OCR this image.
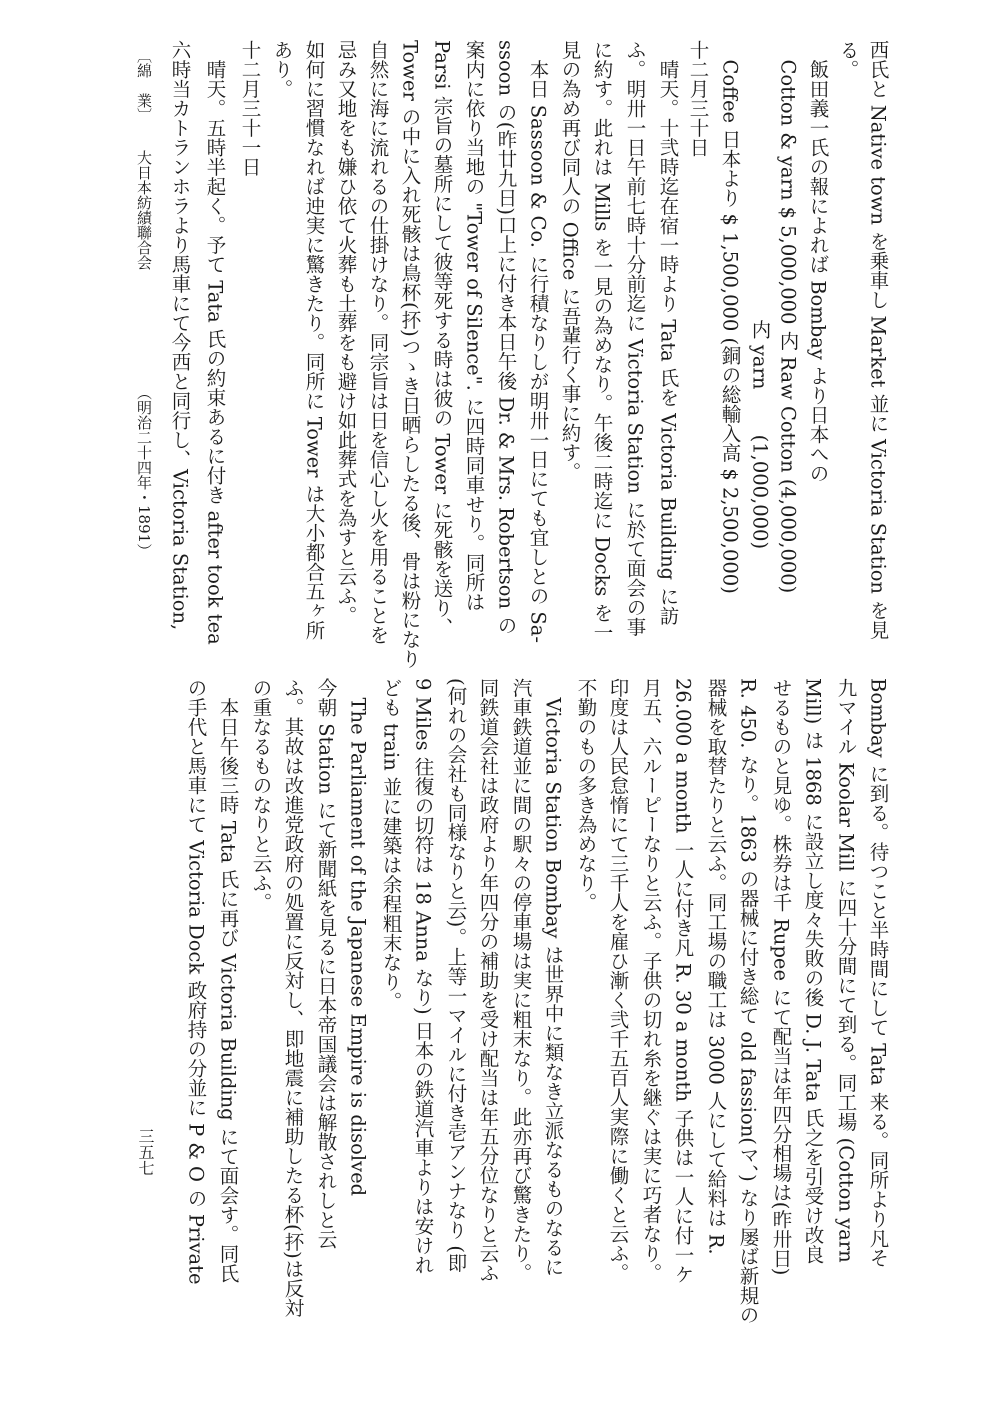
西氏と Native town を乗車し Market 並に Victoria Station を見
る。
　飯田義一氏の報によれば Bombay より日本への
　Cotton & yarn $ 5,000,000 内 Raw Cotton (4,000,000)
　　　　　　　　　　　　　　 内 yarn　　 (1,000,000)
　Coffee 日本より $ 1,500,000 (銅の総輸入高 $ 2,500,000)
十二月三十日
　晴天。十弐時迄在宿一時より Tata 氏を Victoria Building に訪
ふ。明卅一日午前七時十分前迄に Victoria Station に於て面会の事
に約す。此れは Mills を一見の為めなり。午後二時迄に Docks を一
見の為め再び同人の Office に吾輩行く事に約す。
　本日 Sassoon & Co. に行積なりしが明卅一日にても宜しとの Sa-
ssoon の(昨廿九日)口上に付き本日午後 Dr. & Mrs. Robertson の
案内に依り当地の "Tower of Silence". に四時同車せり。同所は
Parsi 宗旨の墓所にして彼等死する時は彼の Tower に死骸を送り、
Tower の中に入れ死骸は鳥杯(抔)つゝき日晒らしたる後、骨は粉になり
自然に海に流れるの仕掛けなり。同宗旨は日を信心し火を用ることを
忌み又地をも嫌ひ依て火葬も土葬をも避け如此葬式を為すと云ふ。
如何に習慣なれば迚実に驚きたり。同所に Tower は大小都合五ヶ所
あり。
十二月三十一日
　晴天。五時半起く。予て Tata 氏の約束あるに付き after took tea
六時当カトランホラより馬車にて今西と同行し、Victoria Station,
Bombay に到る。待つこと半時間にして Tata 来る。同所より凡そ
九マイル Koolar Mill に四十分間にて到る。同工場 (Cotton yarn
Mill) は 1868 に設立し度々失敗の後 D. J. Tata 氏之を引受け改良
せるものと見ゆ。株券は千 Rupee にて配当は年四分相場は(昨卅日)
R. 450. なり。1863 の器械に付き総て old fassion(マ、) なり屡ば新規の
器械を取替たりと云ふ。同工場の職工は 3000 人にして給料は R.
26.000 a month 一人に付き凡 R. 30 a month 子供は一人に付一ケ
月五、六ルーピーなりと云ふ。子供の切れ糸を継ぐは実に巧者なり。
印度は人民怠惰にて三千人を雇ひ漸く弐千五百人実際に働くと云ふ。
不勤のもの多き為めなり。
　Victoria Station Bombay は世界中に類なき立派なるものなるに
汽車鉄道並に間の駅々の停車場は実に粗末なり。此亦再び驚きたり。
同鉄道会社は政府より年四分の補助を受け配当は年五分位なりと云ふ
(何れの会社も同様なりと云)。上等一マイルに付き壱アンナなり (即
9 Miles 往復の切符は 18 Anna なり) 日本の鉄道汽車よりは安けれ
ども train 並に建築は余程粗末なり。
　The Parliament of the Japanese Empire is disolved
今朝 Station にて新聞紙を見るに日本帝国議会は解散されしと云
ふ。其故は改進党政府の処置に反対し、即地震に補助したる杯(抔)は反対
の重なるものなりと云ふ。
　本日午後三時 Tata 氏に再び Victoria Building にて面会す。同氏
の手代と馬車にて Victoria Dock 政府持の分並に P & O の Private
〔綿　業〕
大日本紡績聯合会
（明治二十四年・1891）
三五七
